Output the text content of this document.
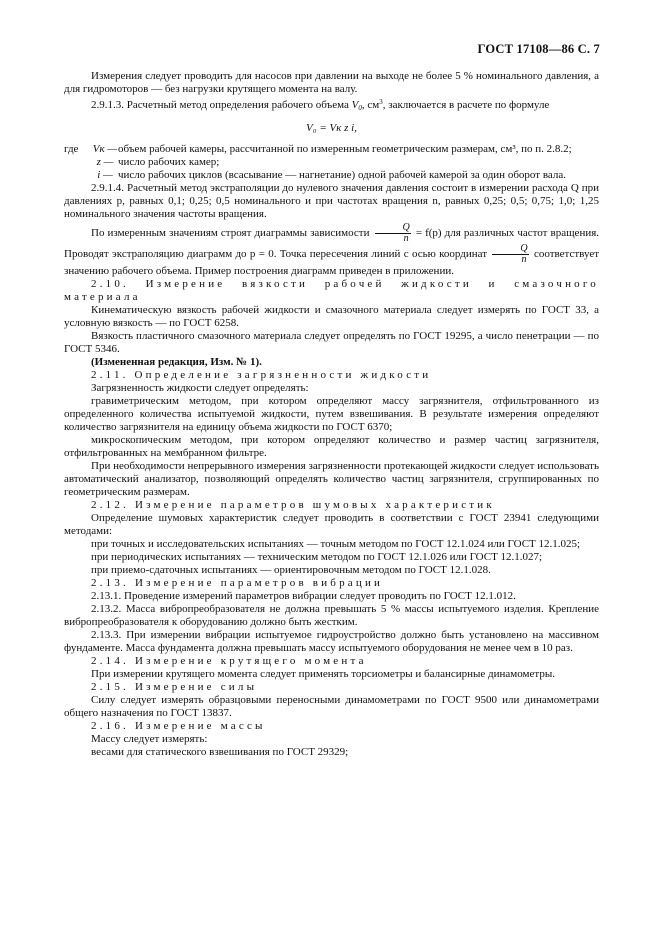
ГОСТ 17108—86 С. 7

Измерения следует проводить для насосов при давлении на выходе не более 5 % номинального давления, а для гидромоторов — без нагрузки крутящего момента на валу.

2.9.1.3. Расчетный метод определения рабочего объема $V_0$, $см^3$, заключается в расчете по формуле

V₀ = Vк z i,
где	Vк — объем рабочей камеры, рассчитанной по измеренным геометрическим размерам, см³, по п. 2.8.2;
z — число рабочих камер;
i — число рабочих циклов (всасывание — нагнетание) одной рабочей камерой за один оборот вала.

2.9.1.4. Расчетный метод экстраполяции до нулевого значения давления состоит в измерении расхода Q при давлениях p, равных 0,1; 0,25; 0,5 номинального и при частотах вращения n, равных 0,25; 0,5; 0,75; 1,0; 1,25 номинального значения частоты вращения.

По измеренным значениям строят диаграммы зависимости $\frac{Q}{n} = f(p)$ для различных частот вращения. Проводят экстраполяцию диаграмм до p = 0. Точка пересечения линий с осью координат $\frac{Q}{n}$ соответствует значению рабочего объема. Пример построения диаграмм приведен в приложении.

2.10. Измерение вязкости рабочей жидкости и смазочного материала

Кинематическую вязкость рабочей жидкости и смазочного материала следует измерять по ГОСТ 33, а условную вязкость — по ГОСТ 6258.

Вязкость пластичного смазочного материала следует определять по ГОСТ 19295, а число пенетрации — по ГОСТ 5346.

(Измененная редакция, Изм. № 1).

2.11. Определение загрязненности жидкости

Загрязненность жидкости следует определять:

гравиметрическим методом, при котором определяют массу загрязнителя, отфильтрованного из определенного количества испытуемой жидкости, путем взвешивания. В результате измерения определяют количество загрязнителя на единицу объема жидкости по ГОСТ 6370;

микроскопическим методом, при котором определяют количество и размер частиц загрязнителя, отфильтрованных на мембранном фильтре.

При необходимости непрерывного измерения загрязненности протекающей жидкости следует использовать автоматический анализатор, позволяющий определять количество частиц загрязнителя, сгруппированных по геометрическим размерам.

2.12. Измерение параметров шумовых характеристик

Определение шумовых характеристик следует проводить в соответствии с ГОСТ 23941 следующими методами:

при точных и исследовательских испытаниях — точным методом по ГОСТ 12.1.024 или ГОСТ 12.1.025;

при периодических испытаниях — техническим методом по ГОСТ 12.1.026 или ГОСТ 12.1.027;

при приемо-сдаточных испытаниях — ориентировочным методом по ГОСТ 12.1.028.

2.13. Измерение параметров вибрации

2.13.1. Проведение измерений параметров вибрации следует проводить по ГОСТ 12.1.012.

2.13.2. Масса вибропреобразователя не должна превышать 5 % массы испытуемого изделия. Крепление вибропреобразователя к оборудованию должно быть жестким.

2.13.3. При измерении вибрации испытуемое гидроустройство должно быть установлено на массивном фундаменте. Масса фундамента должна превышать массу испытуемого оборудования не менее чем в 10 раз.

2.14. Измерение крутящего момента

При измерении крутящего момента следует применять торсиометры и балансирные динамометры.

2.15. Измерение силы

Силу следует измерять образцовыми переносными динамометрами по ГОСТ 9500 или динамометрами общего назначения по ГОСТ 13837.

2.16. Измерение массы

Массу следует измерять:

весами для статического взвешивания по ГОСТ 29329;
